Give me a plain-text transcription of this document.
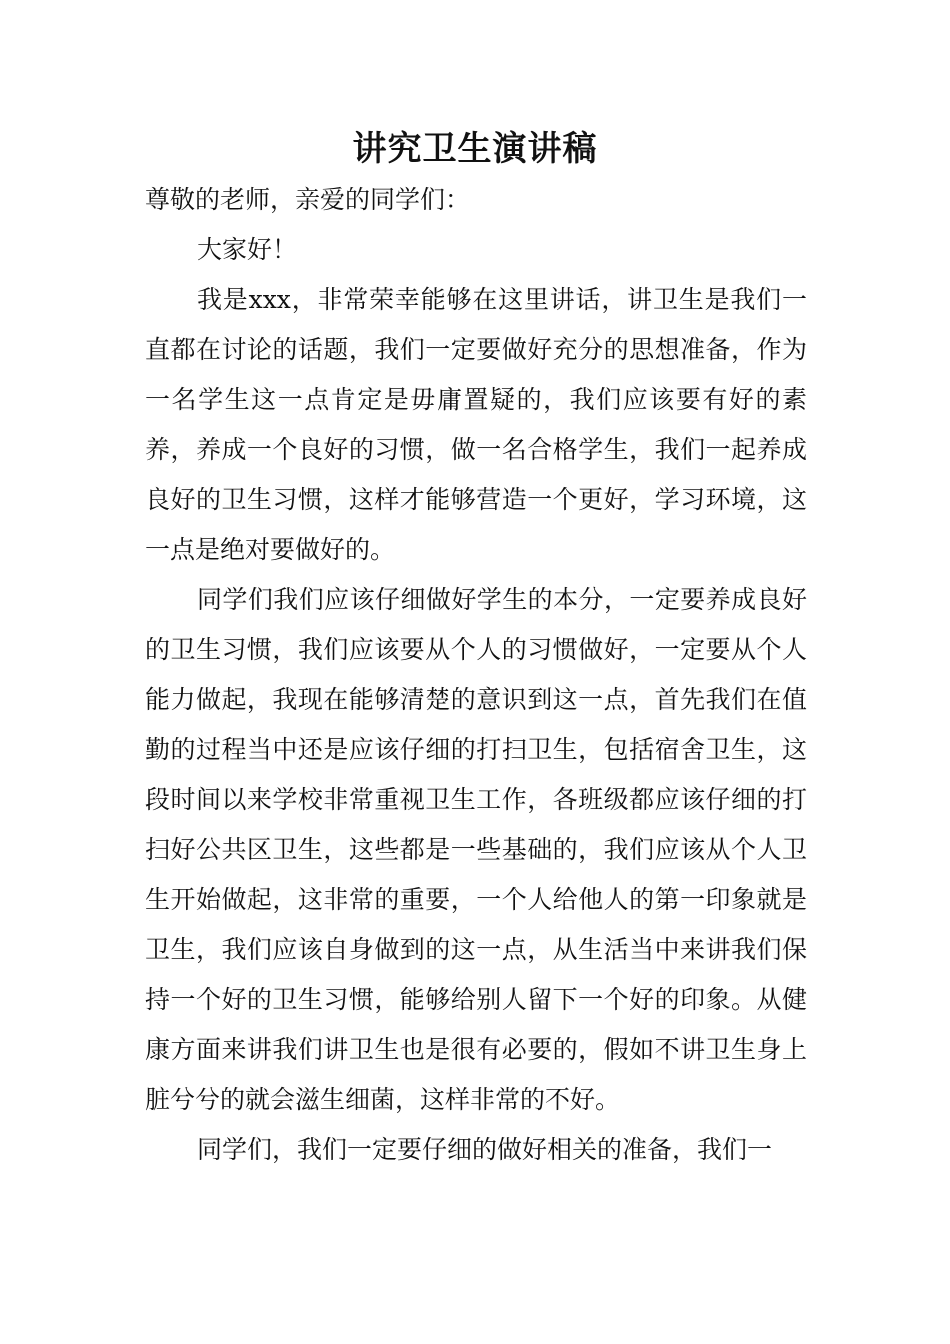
讲究卫生演讲稿

尊敬的老师，亲爱的同学们：

大家好！

我是xxx，非常荣幸能够在这里讲话，讲卫生是我们一直都在讨论的话题，我们一定要做好充分的思想准备，作为一名学生这一点肯定是毋庸置疑的，我们应该要有好的素养，养成一个良好的习惯，做一名合格学生，我们一起养成良好的卫生习惯，这样才能够营造一个更好，学习环境，这一点是绝对要做好的。

同学们我们应该仔细做好学生的本分，一定要养成良好的卫生习惯，我们应该要从个人的习惯做好，一定要从个人能力做起，我现在能够清楚的意识到这一点，首先我们在值勤的过程当中还是应该仔细的打扫卫生，包括宿舍卫生，这段时间以来学校非常重视卫生工作，各班级都应该仔细的打扫好公共区卫生，这些都是一些基础的，我们应该从个人卫生开始做起，这非常的重要，一个人给他人的第一印象就是卫生，我们应该自身做到的这一点，从生活当中来讲我们保持一个好的卫生习惯，能够给别人留下一个好的印象。从健康方面来讲我们讲卫生也是很有必要的，假如不讲卫生身上脏兮兮的就会滋生细菌，这样非常的不好。

同学们，我们一定要仔细的做好相关的准备，我们一
